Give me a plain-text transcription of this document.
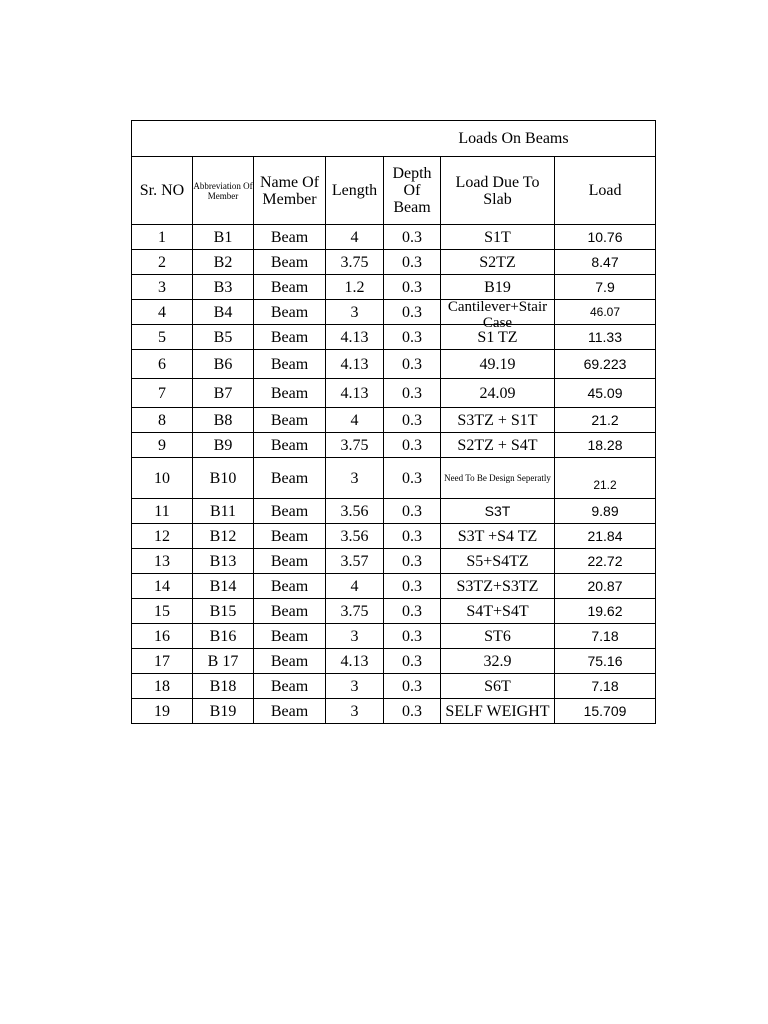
Loads On Beams						
Sr. NO	Abbreviation Of Member	Name Of Member	Length	Depth Of Beam	Load Due To Slab	Load
1	B1	Beam	4	0.3	S1T	10.76
2	B2	Beam	3.75	0.3	S2TZ	8.47
3	B3	Beam	1.2	0.3	B19	7.9
4	B4	Beam	3	0.3	Cantilever+Stair Case	46.07
5	B5	Beam	4.13	0.3	S1 TZ	11.33
6	B6	Beam	4.13	0.3	49.19	69.223
7	B7	Beam	4.13	0.3	24.09	45.09
8	B8	Beam	4	0.3	S3TZ + S1T	21.2
9	B9	Beam	3.75	0.3	S2TZ + S4T	18.28
10	B10	Beam	3	0.3	Need To Be Design Seperatly	21.2

11	B11	Beam	3.56	0.3	S3T	9.89
12	B12	Beam	3.56	0.3	S3T +S4 TZ	21.84
13	B13	Beam	3.57	0.3	S5+S4TZ	22.72
14	B14	Beam	4	0.3	S3TZ+S3TZ	20.87
15	B15	Beam	3.75	0.3	S4T+S4T	19.62
16	B16	Beam	3	0.3	ST6	7.18
17	B 17	Beam	4.13	0.3	32.9	75.16
18	B18	Beam	3	0.3	S6T	7.18
19	B19	Beam	3	0.3	SELF WEIGHT	15.709
